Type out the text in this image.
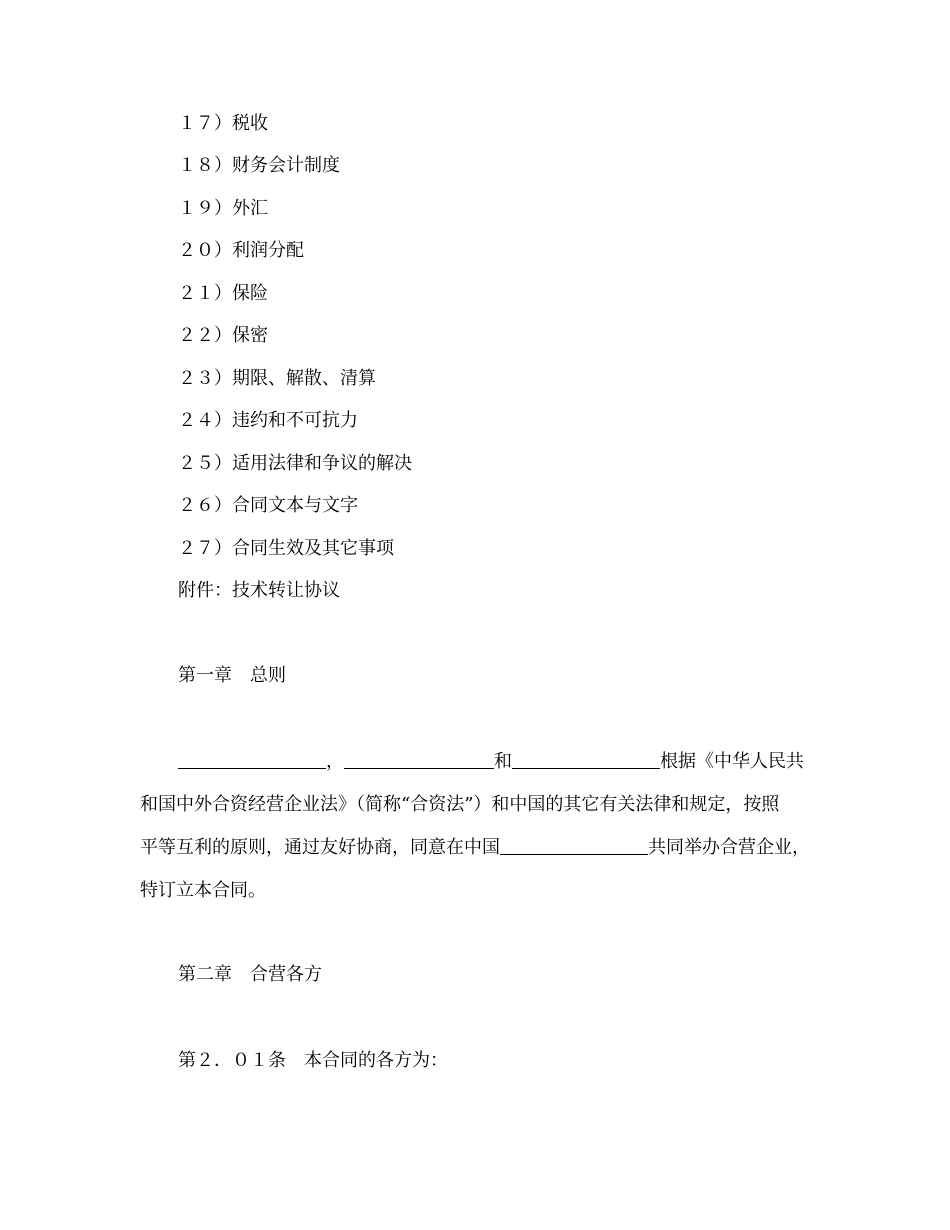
１７）税收
１８）财务会计制度
１９）外汇
２０）利润分配
２１）保险
２２）保密
２３）期限、解散、清算
２４）违约和不可抗力
２５）适用法律和争议的解决
２６）合同文本与文字
２７）合同生效及其它事项
附件：技术转让协议
第一章　总则
，	和	根据《中华人民共
和国中外合资经营企业法》（简称“合资法”）和中国的其它有关法律和规定，按照
平等互利的原则，通过友好协商，同意在中国	共同举办合营企业，
特订立本合同。
第二章　合营各方
第２．０１条　本合同的各方为：
